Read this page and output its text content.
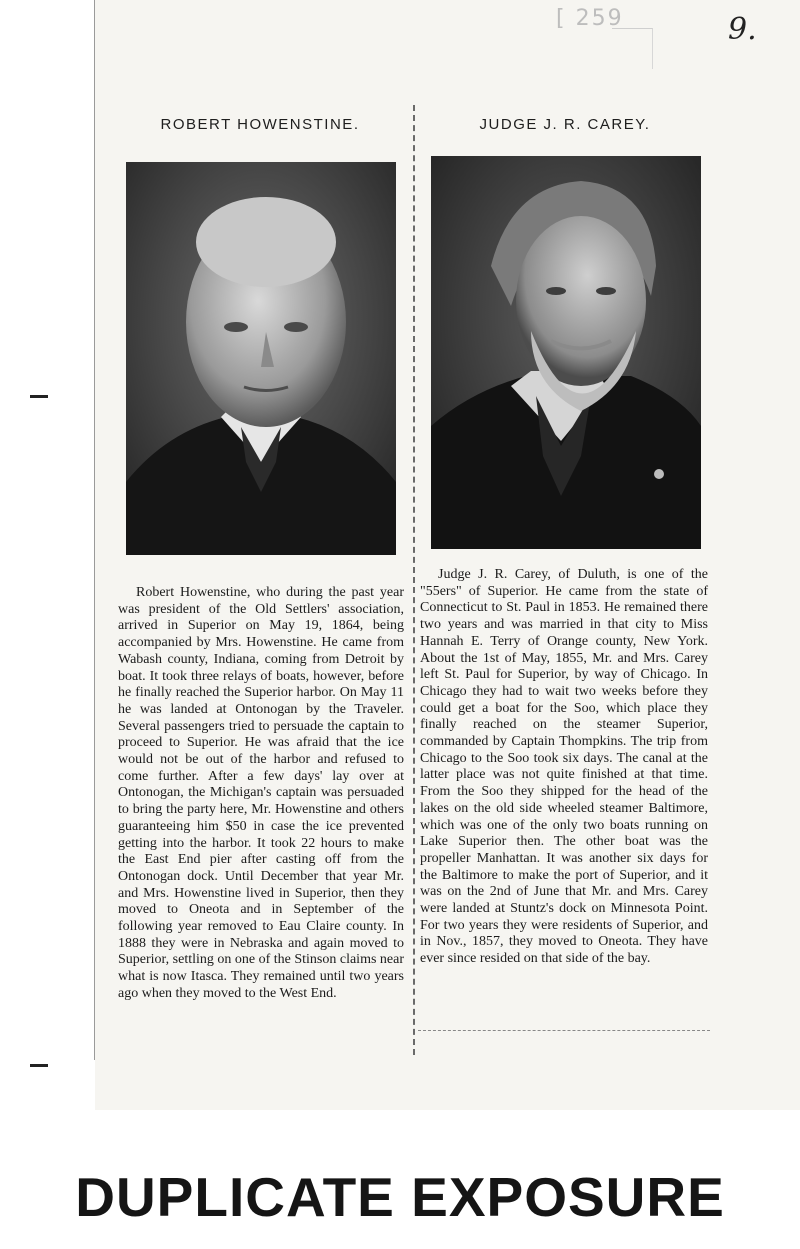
[ 259	9.
ROBERT HOWENSTINE.	JUDGE J. R. CAREY.
Robert Howenstine, who during the past year was president of the Old Settlers' association, arrived in Superior on May 19, 1864, being accompanied by Mrs. Howenstine. He came from Wabash county, Indiana, coming from Detroit by boat. It took three relays of boats, however, before he finally reached the Superior harbor. On May 11 he was landed at Ontonogan by the Traveler. Several passengers tried to persuade the captain to proceed to Superior. He was afraid that the ice would not be out of the harbor and refused to come further. After a few days' lay over at Ontonogan, the Michigan's captain was persuaded to bring the party here, Mr. Howenstine and others guaranteeing him $50 in case the ice prevented getting into the harbor. It took 22 hours to make the East End pier after casting off from the Ontonogan dock. Until December that year Mr. and Mrs. Howenstine lived in Superior, then they moved to Oneota and in September of the following year removed to Eau Claire county. In 1888 they were in Nebraska and again moved to Superior, settling on one of the Stinson claims near what is now Itasca. They remained until two years ago when they moved to the West End.
Judge J. R. Carey, of Duluth, is one of the "55ers" of Superior. He came from the state of Connecticut to St. Paul in 1853. He remained there two years and was married in that city to Miss Hannah E. Terry of Orange county, New York. About the 1st of May, 1855, Mr. and Mrs. Carey left St. Paul for Superior, by way of Chicago. In Chicago they had to wait two weeks before they could get a boat for the Soo, which place they finally reached on the steamer Superior, commanded by Captain Thompkins. The trip from Chicago to the Soo took six days. The canal at the latter place was not quite finished at that time. From the Soo they shipped for the head of the lakes on the old side wheeled steamer Baltimore, which was one of the only two boats running on Lake Superior then. The other boat was the propeller Manhattan. It was another six days for the Baltimore to make the port of Superior, and it was on the 2nd of June that Mr. and Mrs. Carey were landed at Stuntz's dock on Minnesota Point. For two years they were residents of Superior, and in Nov., 1857, they moved to Oneota. They have ever since resided on that side of the bay.
DUPLICATE EXPOSURE
